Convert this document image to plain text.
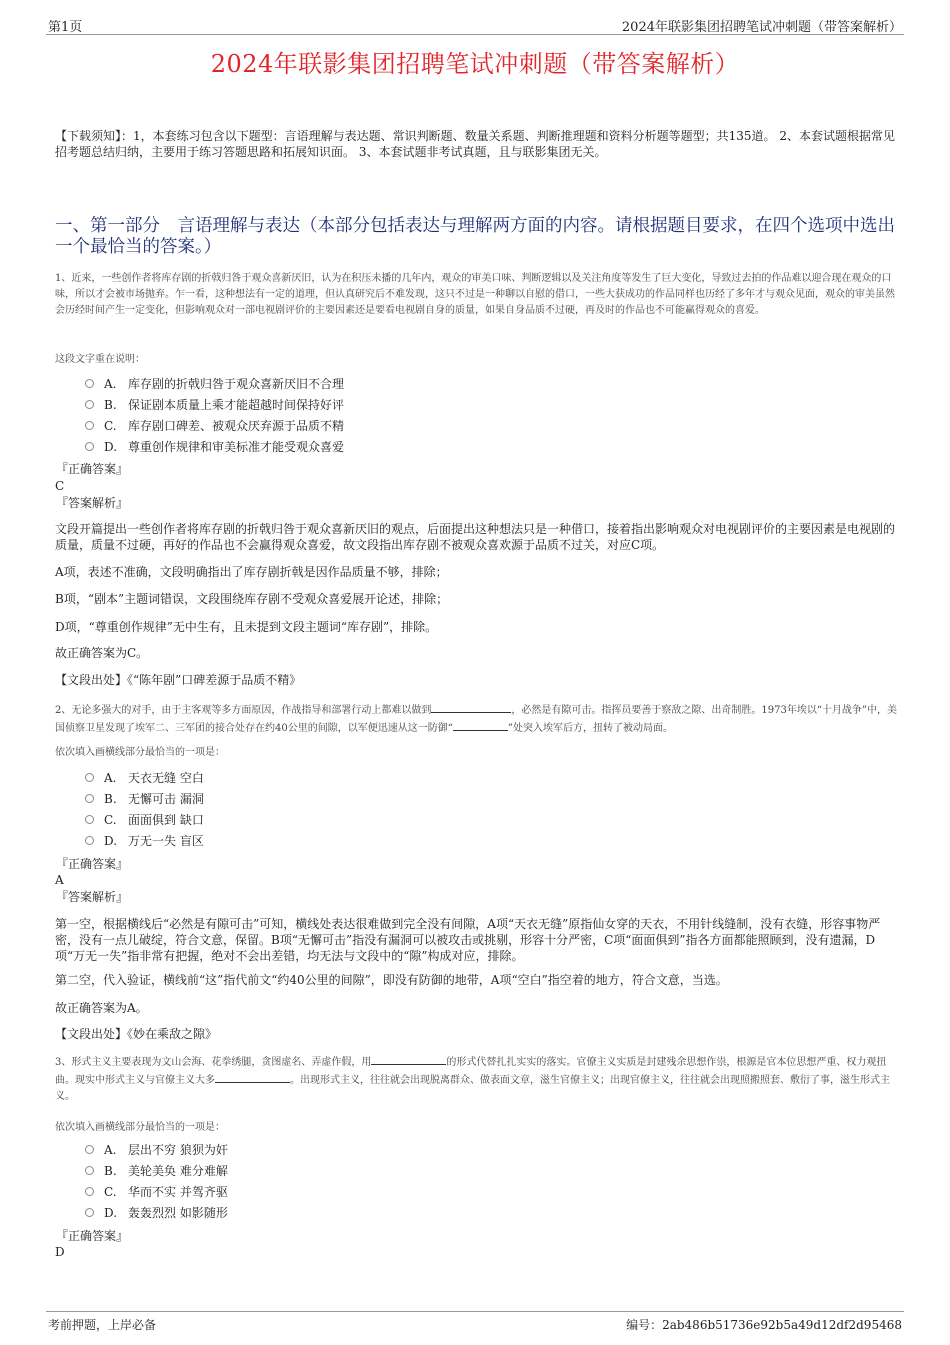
第1页	2024年联影集团招聘笔试冲刺题（带答案解析）
2024年联影集团招聘笔试冲刺题（带答案解析）
【下载须知】：1，本套练习包含以下题型：言语理解与表达题、常识判断题、数量关系题、判断推理题和资料分析题等题型；共135道。 2、本套试题根据常见招考题总结归纳，主要用于练习答题思路和拓展知识面。 3、本套试题非考试真题，且与联影集团无关。
一、第一部分　言语理解与表达（本部分包括表达与理解两方面的内容。请根据题目要求，在四个选项中选出一个最恰当的答案。）
1、近来，一些创作者将库存剧的折戟归咎于观众喜新厌旧，认为在积压未播的几年内，观众的审美口味、判断逻辑以及关注角度等发生了巨大变化，导致过去拍的作品难以迎合现在观众的口味，所以才会被市场抛弃。乍一看，这种想法有一定的道理，但认真研究后不难发现，这只不过是一种聊以自慰的借口，一些大获成功的作品同样也历经了多年才与观众见面，观众的审美虽然会历经时间产生一定变化，但影响观众对一部电视剧评价的主要因素还是要看电视剧自身的质量，如果自身品质不过硬，再及时的作品也不可能赢得观众的喜爱。
这段文字重在说明：
A. 库存剧的折戟归咎于观众喜新厌旧不合理
B. 保证剧本质量上乘才能超越时间保持好评
C. 库存剧口碑差、被观众厌弃源于品质不精
D. 尊重创作规律和审美标准才能受观众喜爱
『正确答案』
C
『答案解析』
文段开篇提出一些创作者将库存剧的折戟归咎于观众喜新厌旧的观点，后面提出这种想法只是一种借口，接着指出影响观众对电视剧评价的主要因素是电视剧的质量，质量不过硬，再好的作品也不会赢得观众喜爱，故文段指出库存剧不被观众喜欢源于品质不过关，对应C项。
A项，表述不准确，文段明确指出了库存剧折戟是因作品质量不够，排除；
B项，“剧本”主题词错误，文段围绕库存剧不受观众喜爱展开论述，排除；
D项，“尊重创作规律”无中生有，且未提到文段主题词“库存剧”，排除。
故正确答案为C。
【文段出处】《“陈年剧”口碑差源于品质不精》
2、无论多强大的对手，由于主客观等多方面原因，作战指导和部署行动上都难以做到	，必然是有隙可击。指挥员要善于察敌之隙、出奇制胜。1973年埃以“十月战争”中，美国侦察卫星发现了埃军二、三军团的接合处存在约40公里的间隙，以军便迅速从这一防御“	”处突入埃军后方，扭转了被动局面。
依次填入画横线部分最恰当的一项是：
A. 天衣无缝 空白
B. 无懈可击 漏洞
C. 面面俱到 缺口
D. 万无一失 盲区
『正确答案』
A
『答案解析』
第一空，根据横线后“必然是有隙可击”可知，横线处表达很难做到完全没有间隙，A项“天衣无缝”原指仙女穿的天衣，不用针线缝制，没有衣缝，形容事物严密，没有一点儿破绽，符合文意，保留。B项“无懈可击”指没有漏洞可以被攻击或挑剔，形容十分严密，C项“面面俱到”指各方面都能照顾到，没有遗漏，D项“万无一失”指非常有把握，绝对不会出差错，均无法与文段中的“隙”构成对应，排除。
第二空，代入验证，横线前“这”指代前文“约40公里的间隙”，即没有防御的地带，A项“空白”指空着的地方，符合文意，当选。
故正确答案为A。
【文段出处】《妙在乘敌之隙》
3、形式主义主要表现为文山会海、花拳绣腿，贪图虚名、弄虚作假，用	的形式代替扎扎实实的落实。官僚主义实质是封建残余思想作祟，根源是官本位思想严重、权力观扭曲。现实中形式主义与官僚主义大多	。出现形式主义，往往就会出现脱离群众、做表面文章，滋生官僚主义；出现官僚主义，往往就会出现照搬照套、敷衍了事，滋生形式主义。
依次填入画横线部分最恰当的一项是：
A. 层出不穷 狼狈为奸
B. 美轮美奂 难分难解
C. 华而不实 并驾齐驱
D. 轰轰烈烈 如影随形
『正确答案』
D
考前押题，上岸必备	编号：2ab486b51736e92b5a49d12df2d95468
